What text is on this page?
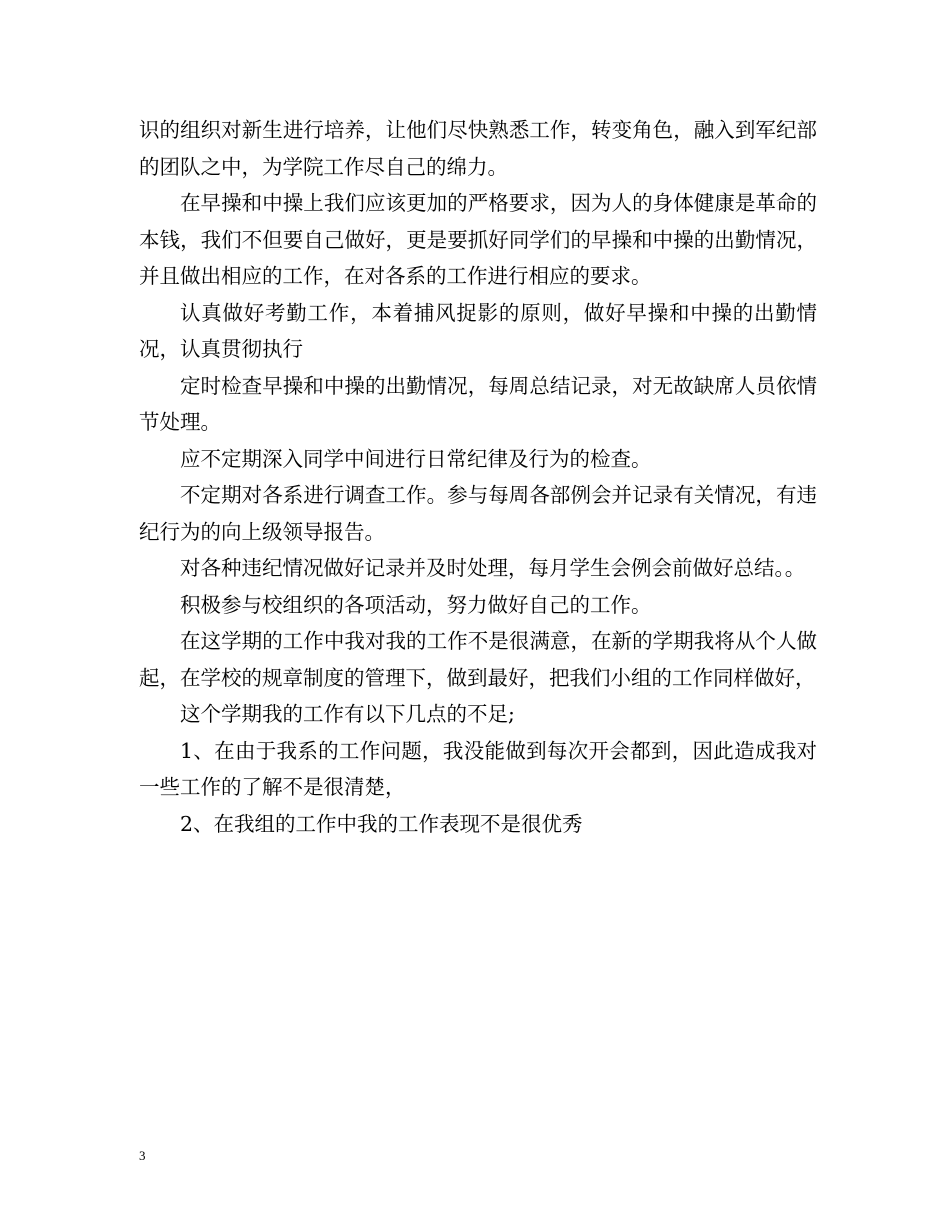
识的组织对新生进行培养，让他们尽快熟悉工作，转变角色，融入到军纪部的团队之中，为学院工作尽自己的绵力。

在早操和中操上我们应该更加的严格要求，因为人的身体健康是革命的本钱，我们不但要自己做好，更是要抓好同学们的早操和中操的出勤情况，并且做出相应的工作，在对各系的工作进行相应的要求。

认真做好考勤工作，本着捕风捉影的原则，做好早操和中操的出勤情况，认真贯彻执行

定时检查早操和中操的出勤情况，每周总结记录，对无故缺席人员依情节处理。

应不定期深入同学中间进行日常纪律及行为的检查。

不定期对各系进行调查工作。参与每周各部例会并记录有关情况，有违纪行为的向上级领导报告。

对各种违纪情况做好记录并及时处理，每月学生会例会前做好总结。。

积极参与校组织的各项活动，努力做好自己的工作。

在这学期的工作中我对我的工作不是很满意，在新的学期我将从个人做起，在学校的规章制度的管理下，做到最好，把我们小组的工作同样做好，

这个学期我的工作有以下几点的不足;

1、在由于我系的工作问题，我没能做到每次开会都到，因此造成我对一些工作的了解不是很清楚，

2、在我组的工作中我的工作表现不是很优秀

3
